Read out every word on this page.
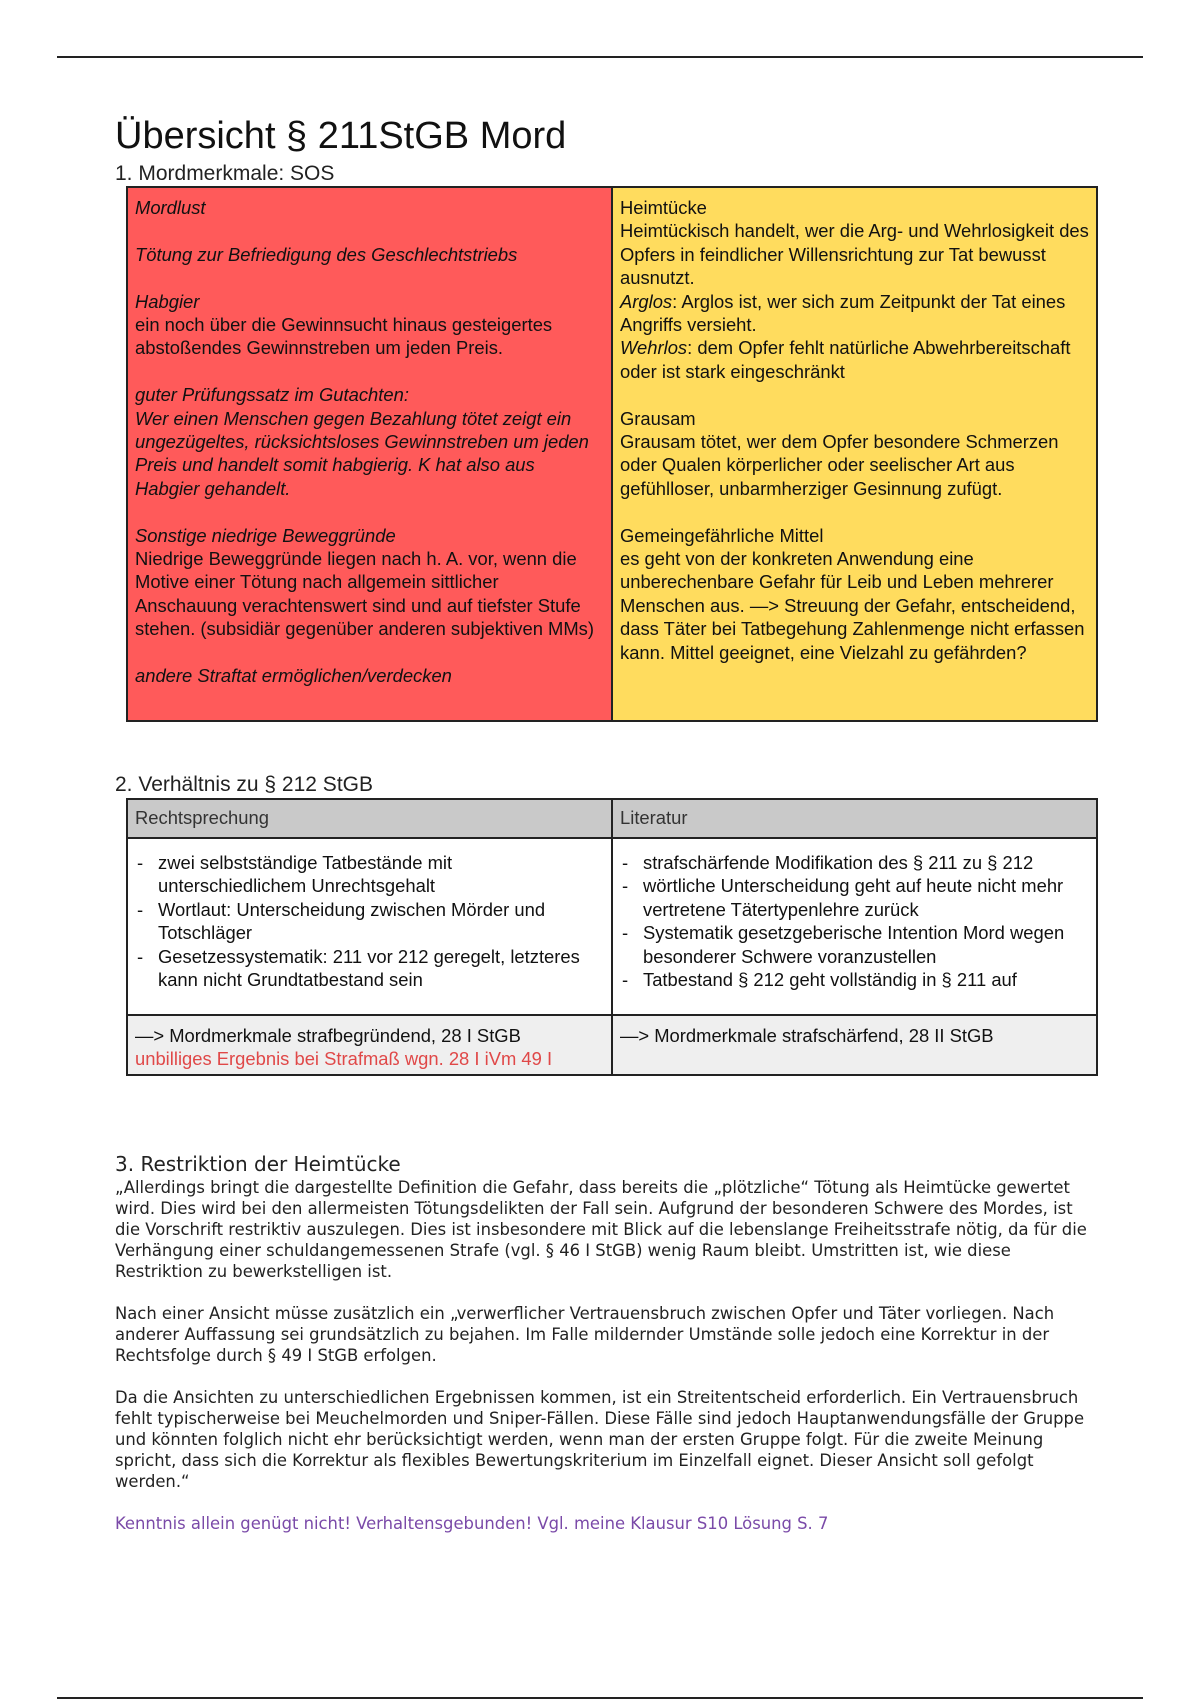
Übersicht § 211StGB Mord
1. Mordmerkmale: SOS

Mordlust

Tötung zur Befriedigung des Geschlechtstriebs

Habgier

ein noch über die Gewinnsucht hinaus gesteigertes abstoßendes Gewinnstreben um jeden Preis.

guter Prüfungssatz im Gutachten:

Wer einen Menschen gegen Bezahlung tötet zeigt ein ungezügeltes, rücksichtsloses Gewinnstreben um jeden Preis und handelt somit habgierig. K hat also aus Habgier gehandelt.

Sonstige niedrige Beweggründe

Niedrige Beweggründe liegen nach h. A. vor, wenn die Motive einer Tötung nach allgemein sittlicher Anschauung verachtenswert sind und auf tiefster Stufe stehen. (subsidiär gegenüber anderen subjektiven MMs)

andere Straftat ermöglichen/verdecken

Heimtücke

Heimtückisch handelt, wer die Arg- und Wehrlosigkeit des Opfers in feindlicher Willensrichtung zur Tat bewusst ausnutzt.

Arglos: Arglos ist, wer sich zum Zeitpunkt der Tat eines Angriffs versieht.

Wehrlos: dem Opfer fehlt natürliche Abwehrbereitschaft oder ist stark eingeschränkt

Grausam

Grausam tötet, wer dem Opfer besondere Schmerzen oder Qualen körperlicher oder seelischer Art aus gefühlloser, unbarmherziger Gesinnung zufügt.

Gemeingefährliche Mittel

es geht von der konkreten Anwendung eine unberechenbare Gefahr für Leib und Leben mehrerer Menschen aus. —> Streuung der Gefahr, entscheidend, dass Täter bei Tatbegehung Zahlenmenge nicht erfassen kann. Mittel geeignet, eine Vielzahl zu gefährden?

2. Verhältnis zu § 212 StGB
Rechtsprechung	Literatur
- zwei selbstständige Tatbestände mit unterschiedlichem Unrechtsgehalt
- Wortlaut: Unterscheidung zwischen Mörder und Totschläger
- Gesetzessystematik: 211 vor 212 geregelt, letzteres kann nicht Grundtatbestand sein
- strafschärfende Modifikation des § 211 zu § 212
- wörtliche Unterscheidung geht auf heute nicht mehr vertretene Tätertypenlehre zurück
- Systematik gesetzgeberische Intention Mord wegen besonderer Schwere voranzustellen
- Tatbestand § 212 geht vollständig in § 211 auf
—> Mordmerkmale strafbegründend, 28 I StGB
unbilliges Ergebnis bei Strafmaß wgn. 28 I iVm 49 I
—> Mordmerkmale strafschärfend, 28 II StGB
3. Restriktion der Heimtücke

„Allerdings bringt die dargestellte Definition die Gefahr, dass bereits die „plötzliche“ Tötung als Heimtücke gewertet wird. Dies wird bei den allermeisten Tötungsdelikten der Fall sein. Aufgrund der besonderen Schwere des Mordes, ist die Vorschrift restriktiv auszulegen. Dies ist insbesondere mit Blick auf die lebenslange Freiheitsstrafe nötig, da für die Verhängung einer schuldangemessenen Strafe (vgl. § 46 I StGB) wenig Raum bleibt. Umstritten ist, wie diese Restriktion zu bewerkstelligen ist.

Nach einer Ansicht müsse zusätzlich ein „verwerflicher Vertrauensbruch zwischen Opfer und Täter vorliegen. Nach anderer Auffassung sei grundsätzlich zu bejahen. Im Falle mildernder Umstände solle jedoch eine Korrektur in der Rechtsfolge durch § 49 I StGB erfolgen.

Da die Ansichten zu unterschiedlichen Ergebnissen kommen, ist ein Streitentscheid erforderlich. Ein Vertrauensbruch fehlt typischerweise bei Meuchelmorden und Sniper-Fällen. Diese Fälle sind jedoch Hauptanwendungsfälle der Gruppe und könnten folglich nicht ehr berücksichtigt werden, wenn man der ersten Gruppe folgt. Für die zweite Meinung spricht, dass sich die Korrektur als flexibles Bewertungskriterium im Einzelfall eignet. Dieser Ansicht soll gefolgt werden.“

Kenntnis allein genügt nicht! Verhaltensgebunden! Vgl. meine Klausur S10 Lösung S. 7
